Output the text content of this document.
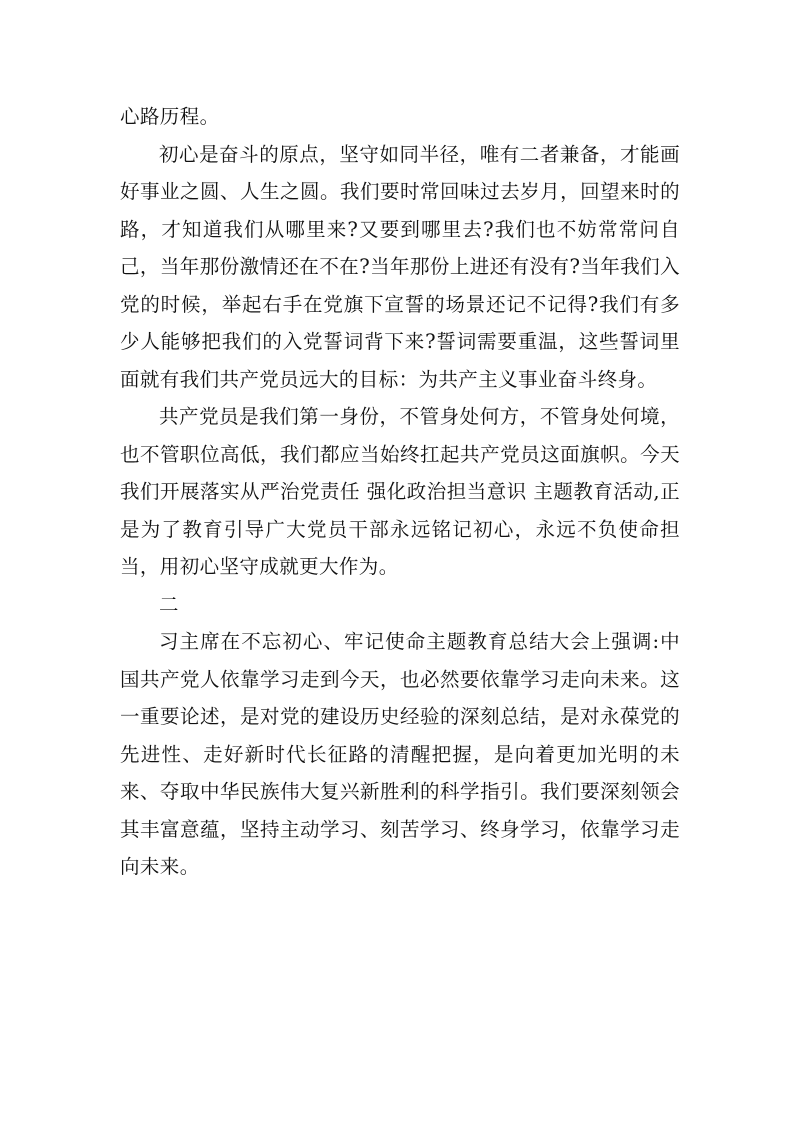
心路历程。

初心是奋斗的原点，坚守如同半径，唯有二者兼备，才能画好事业之圆、人生之圆。我们要时常回味过去岁月，回望来时的路，才知道我们从哪里来?又要到哪里去?我们也不妨常常问自己，当年那份激情还在不在?当年那份上进还有没有?当年我们入党的时候，举起右手在党旗下宣誓的场景还记不记得?我们有多少人能够把我们的入党誓词背下来?誓词需要重温，这些誓词里面就有我们共产党员远大的目标：为共产主义事业奋斗终身。

共产党员是我们第一身份，不管身处何方，不管身处何境，也不管职位高低，我们都应当始终扛起共产党员这面旗帜。今天我们开展落实从严治党责任 强化政治担当意识 主题教育活动,正是为了教育引导广大党员干部永远铭记初心，永远不负使命担当，用初心坚守成就更大作为。

二

习主席在不忘初心、牢记使命主题教育总结大会上强调:中国共产党人依靠学习走到今天，也必然要依靠学习走向未来。这一重要论述，是对党的建设历史经验的深刻总结，是对永葆党的先进性、走好新时代长征路的清醒把握，是向着更加光明的未来、夺取中华民族伟大复兴新胜利的科学指引。我们要深刻领会其丰富意蕴，坚持主动学习、刻苦学习、终身学习，依靠学习走向未来。
